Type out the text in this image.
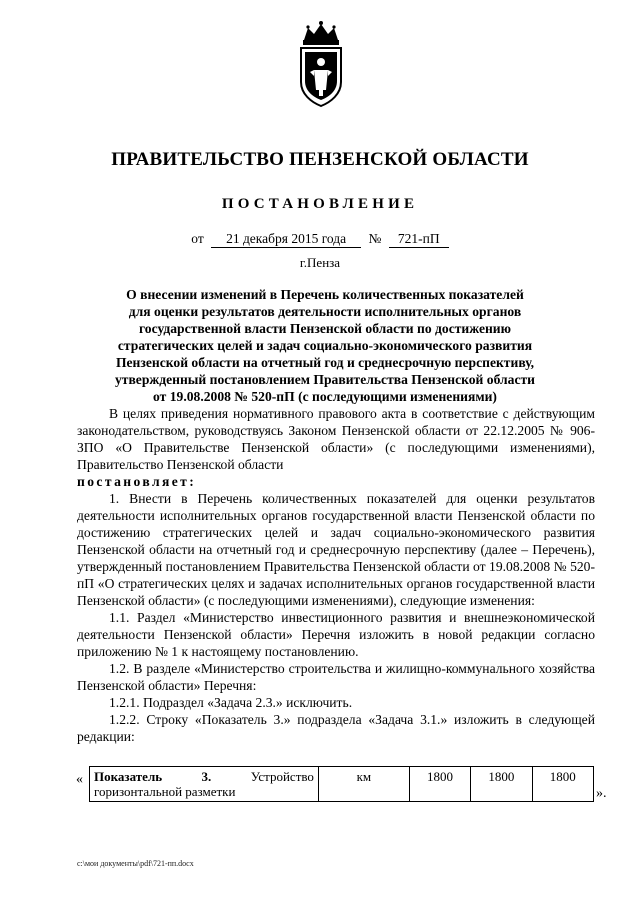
ПРАВИТЕЛЬСТВО ПЕНЗЕНСКОЙ ОБЛАСТИ
ПОСТАНОВЛЕНИЕ
от 21 декабря 2015 года № 721-пП
г.Пенза
О внесении изменений в Перечень количественных показателей
для оценки результатов деятельности исполнительных органов
государственной власти Пензенской области по достижению
стратегических целей и задач социально-экономического развития
Пензенской области на отчетный год и среднесрочную перспективу,
утвержденный постановлением Правительства Пензенской области
от 19.08.2008 № 520-пП (с последующими изменениями)

В целях приведения нормативного правового акта в соответствие с действующим законодательством, руководствуясь Законом Пензенской области от 22.12.2005 № 906-ЗПО «О Правительстве Пензенской области» (с последующими изменениями), Правительство Пензенской области

постановляет:

1. Внести в Перечень количественных показателей для оценки результатов деятельности исполнительных органов государственной власти Пензенской области по достижению стратегических целей и задач социально-экономического развития Пензенской области на отчетный год и среднесрочную перспективу (далее – Перечень), утвержденный постановлением Правительства Пензенской области от 19.08.2008 № 520-пП «О стратегических целях и задачах исполнительных органов государственной власти Пензенской области» (с последующими изменениями), следующие изменения:

1.1. Раздел «Министерство инвестиционного развития и внешнеэкономической деятельности Пензенской области» Перечня изложить в новой редакции согласно приложению № 1 к настоящему постановлению.

1.2. В разделе «Министерство строительства и жилищно-коммунального хозяйства Пензенской области» Перечня:

1.2.1. Подраздел «Задача 2.3.» исключить.

1.2.2. Строку «Показатель 3.» подраздела «Задача 3.1.» изложить в следующей редакции:

« Показатель 3.	Устройство горизонтальной разметки	км	1800	1800	1800
».
c:\мои документы\pdf\721-пп.docx
